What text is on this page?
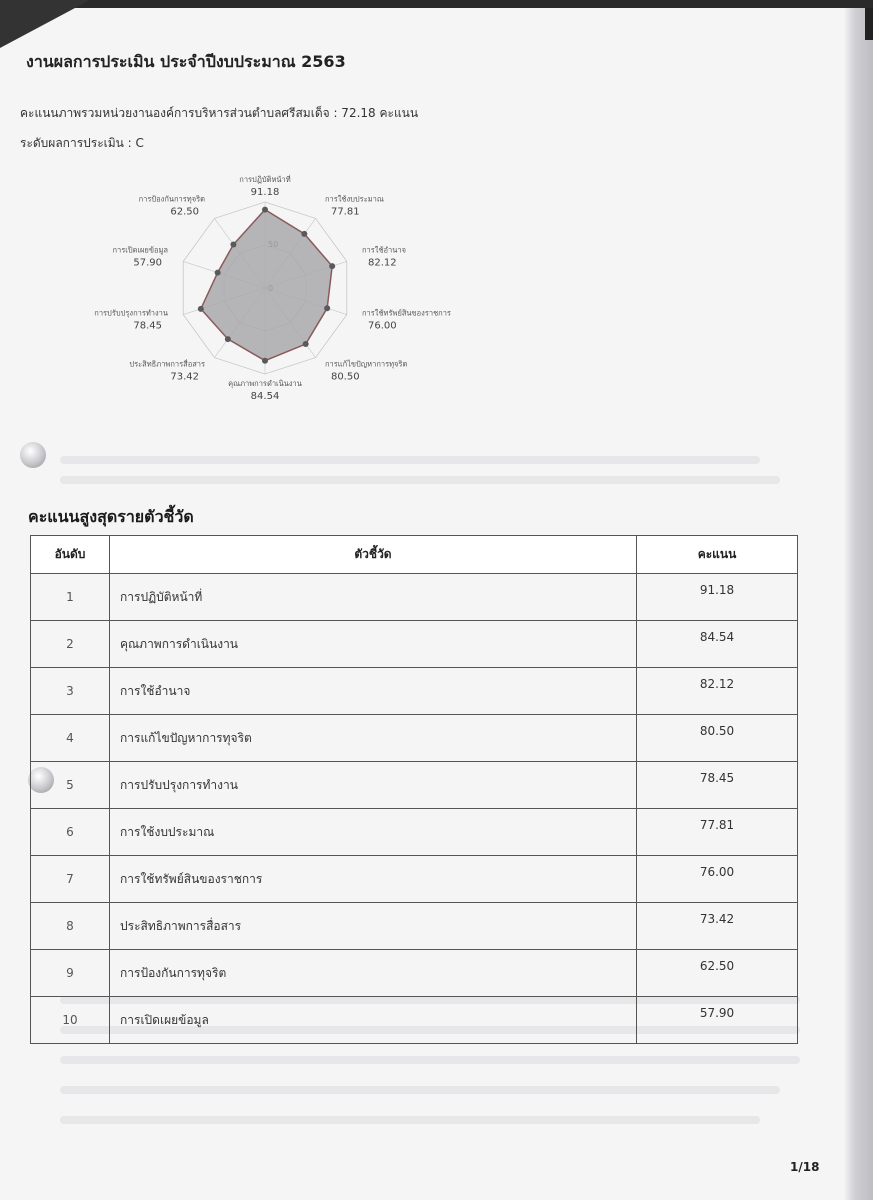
งานผลการประเมิน ประจำปีงบประมาณ 2563
คะแนนภาพรวมหน่วยงานองค์การบริหารส่วนตำบลศรีสมเด็จ : 72.18 คะแนน
ระดับผลการประเมิน : C
50
0
การปฏิบัติหน้าที่
91.18
การใช้งบประมาณ
77.81
การใช้อำนาจ
82.12
การใช้ทรัพย์สินของราชการ
76.00
การแก้ไขปัญหาการทุจริต
80.50
คุณภาพการดำเนินงาน
84.54
ประสิทธิภาพการสื่อสาร
73.42
การปรับปรุงการทำงาน
78.45
การเปิดเผยข้อมูล
57.90
การป้องกันการทุจริต
62.50
คะแนนสูงสุดรายตัวชี้วัด
อันดับ	ตัวชี้วัด	คะแนน
1	การปฏิบัติหน้าที่	91.18
2	คุณภาพการดำเนินงาน	84.54
3	การใช้อำนาจ	82.12
4	การแก้ไขปัญหาการทุจริต	80.50
5	การปรับปรุงการทำงาน	78.45
6	การใช้งบประมาณ	77.81
7	การใช้ทรัพย์สินของราชการ	76.00
8	ประสิทธิภาพการสื่อสาร	73.42
9	การป้องกันการทุจริต	62.50
10	การเปิดเผยข้อมูล	57.90
1/18
